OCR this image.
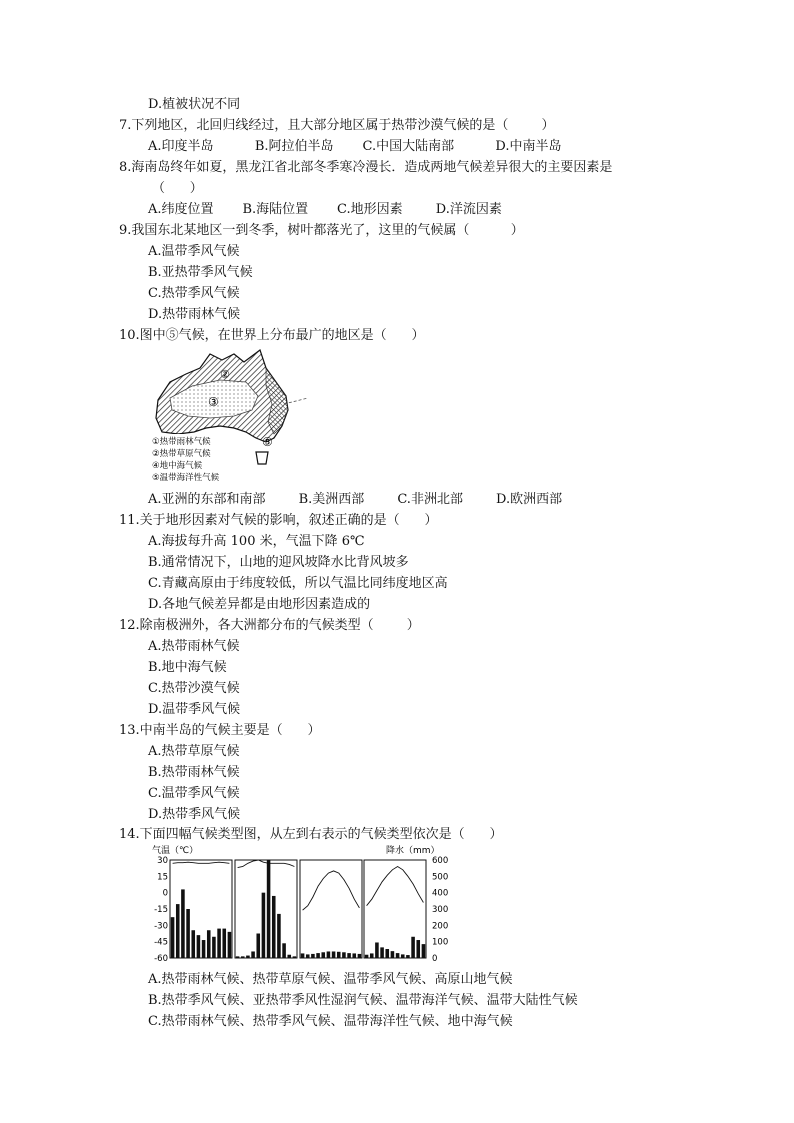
D.植被状况不同
7.下列地区，北回归线经过，且大部分地区属于热带沙漠气候的是（        ）
A.印度半岛          B.阿拉伯半岛       C.中国大陆南部          D.中南半岛
8.海南岛终年如夏，黑龙江省北部冬季寒冷漫长．造成两地气候差异很大的主要因素是
（      ）
A.纬度位置       B.海陆位置       C.地形因素        D.洋流因素
9.我国东北某地区一到冬季，树叶都落光了，这里的气候属（          ）
A.温带季风气候
B.亚热带季风气候
C.热带季风气候
D.热带雨林气候
10.图中⑤气候，在世界上分布最广的地区是（      ）
A.亚洲的东部和南部        B.美洲西部        C.非洲北部        D.欧洲西部
11.关于地形因素对气候的影响，叙述正确的是（      ）
A.海拔每升高 100 米，气温下降 6℃
B.通常情况下，山地的迎风坡降水比背风坡多
C.青藏高原由于纬度较低，所以气温比同纬度地区高
D.各地气候差异都是由地形因素造成的
12.除南极洲外，各大洲都分布的气候类型（        ）
A.热带雨林气候
B.地中海气候
C.热带沙漠气候
D.温带季风气候
13.中南半岛的气候主要是（      ）
A.热带草原气候
B.热带雨林气候
C.温带季风气候
D.热带季风气候
14.下面四幅气候类型图，从左到右表示的气候类型依次是（      ）
A.热带雨林气候、热带草原气候、温带季风气候、高原山地气候
B.热带季风气候、亚热带季风性湿润气候、温带海洋气候、温带大陆性气候
C.热带雨林气候、热带季风气候、温带海洋性气候、地中海气候
②
③
⑤
①热带雨林气候
②热带草原气候
④地中海气候
⑤温带海洋性气候
气温（℃）	降水（mm）
30
15
0
-15
-30
-45
-60
600
500
400
300
200
100
0
